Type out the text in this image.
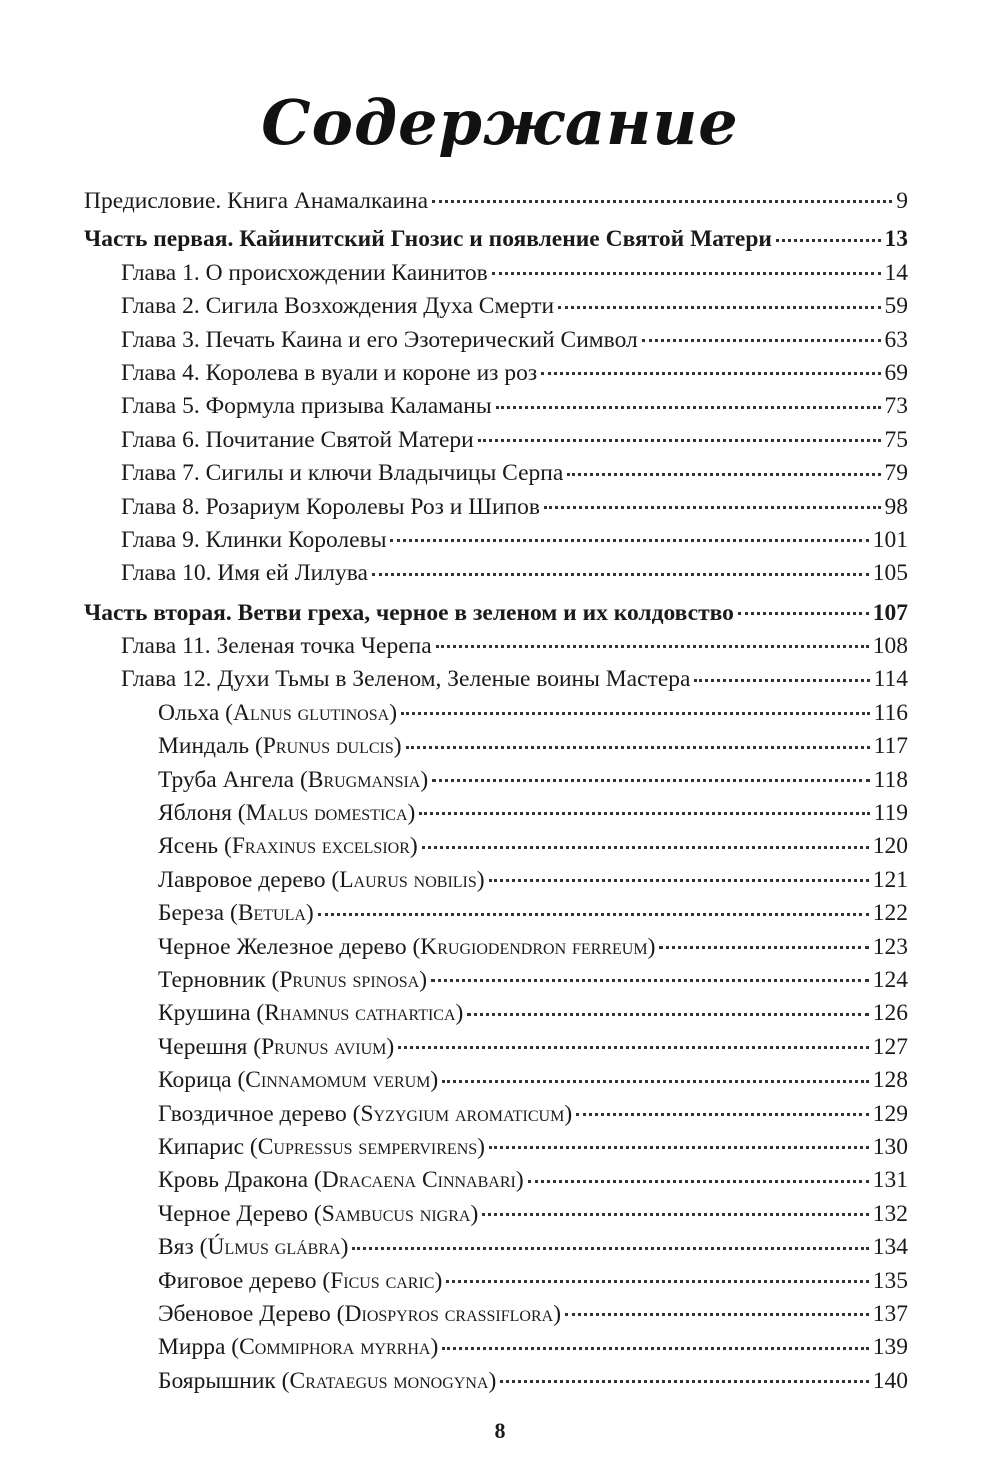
Содержание
Предисловие. Книга Анамалкаина	9
Часть первая. Кайинитский Гнозис и появление Святой Матери	13
Глава 1. О происхождении Каинитов	14
Глава 2. Сигила Возхождения Духа Смерти	59
Глава 3. Печать Каина и его Эзотерический Символ	63
Глава 4. Королева в вуали и короне из роз	69
Глава 5. Формула призыва Каламаны	73
Глава 6. Почитание Святой Матери	75
Глава 7. Сигилы и ключи Владычицы Серпа	79
Глава 8. Розариум Королевы Роз и Шипов	98
Глава 9. Клинки Королевы	101
Глава 10. Имя ей Лилува	105
Часть вторая. Ветви греха, черное в зеленом и их колдовство	107
Глава 11. Зеленая точка Черепа	108
Глава 12. Духи Тьмы в Зеленом, Зеленые воины Мастера	114
Ольха (Alnus glutinosa)	116
Миндаль (Prunus dulcis)	117
Труба Ангела (Brugmansia)	118
Яблоня (Malus domestica)	119
Ясень (Fraxinus excelsior)	120
Лавровое дерево (Laurus nobilis)	121
Береза (Betula)	122
Черное Железное дерево (Krugiodendron ferreum)	123
Терновник (Prunus spinosa)	124
Крушина (Rhamnus cathartica)	126
Черешня (Prunus avium)	127
Корица (Cinnamomum verum)	128
Гвоздичное дерево (Syzygium aromaticum)	129
Кипарис (Cupressus sempervirens)	130
Кровь Дракона (Dracaena Cinnabari)	131
Черное Дерево (Sambucus nigra)	132
Вяз (Úlmus glábra)	134
Фиговое дерево (Ficus caric)	135
Эбеновое Дерево (Diospyros crassiflora)	137
Мирра (Commiphora myrrha)	139
Боярышник (Crataegus monogyna)	140
8
